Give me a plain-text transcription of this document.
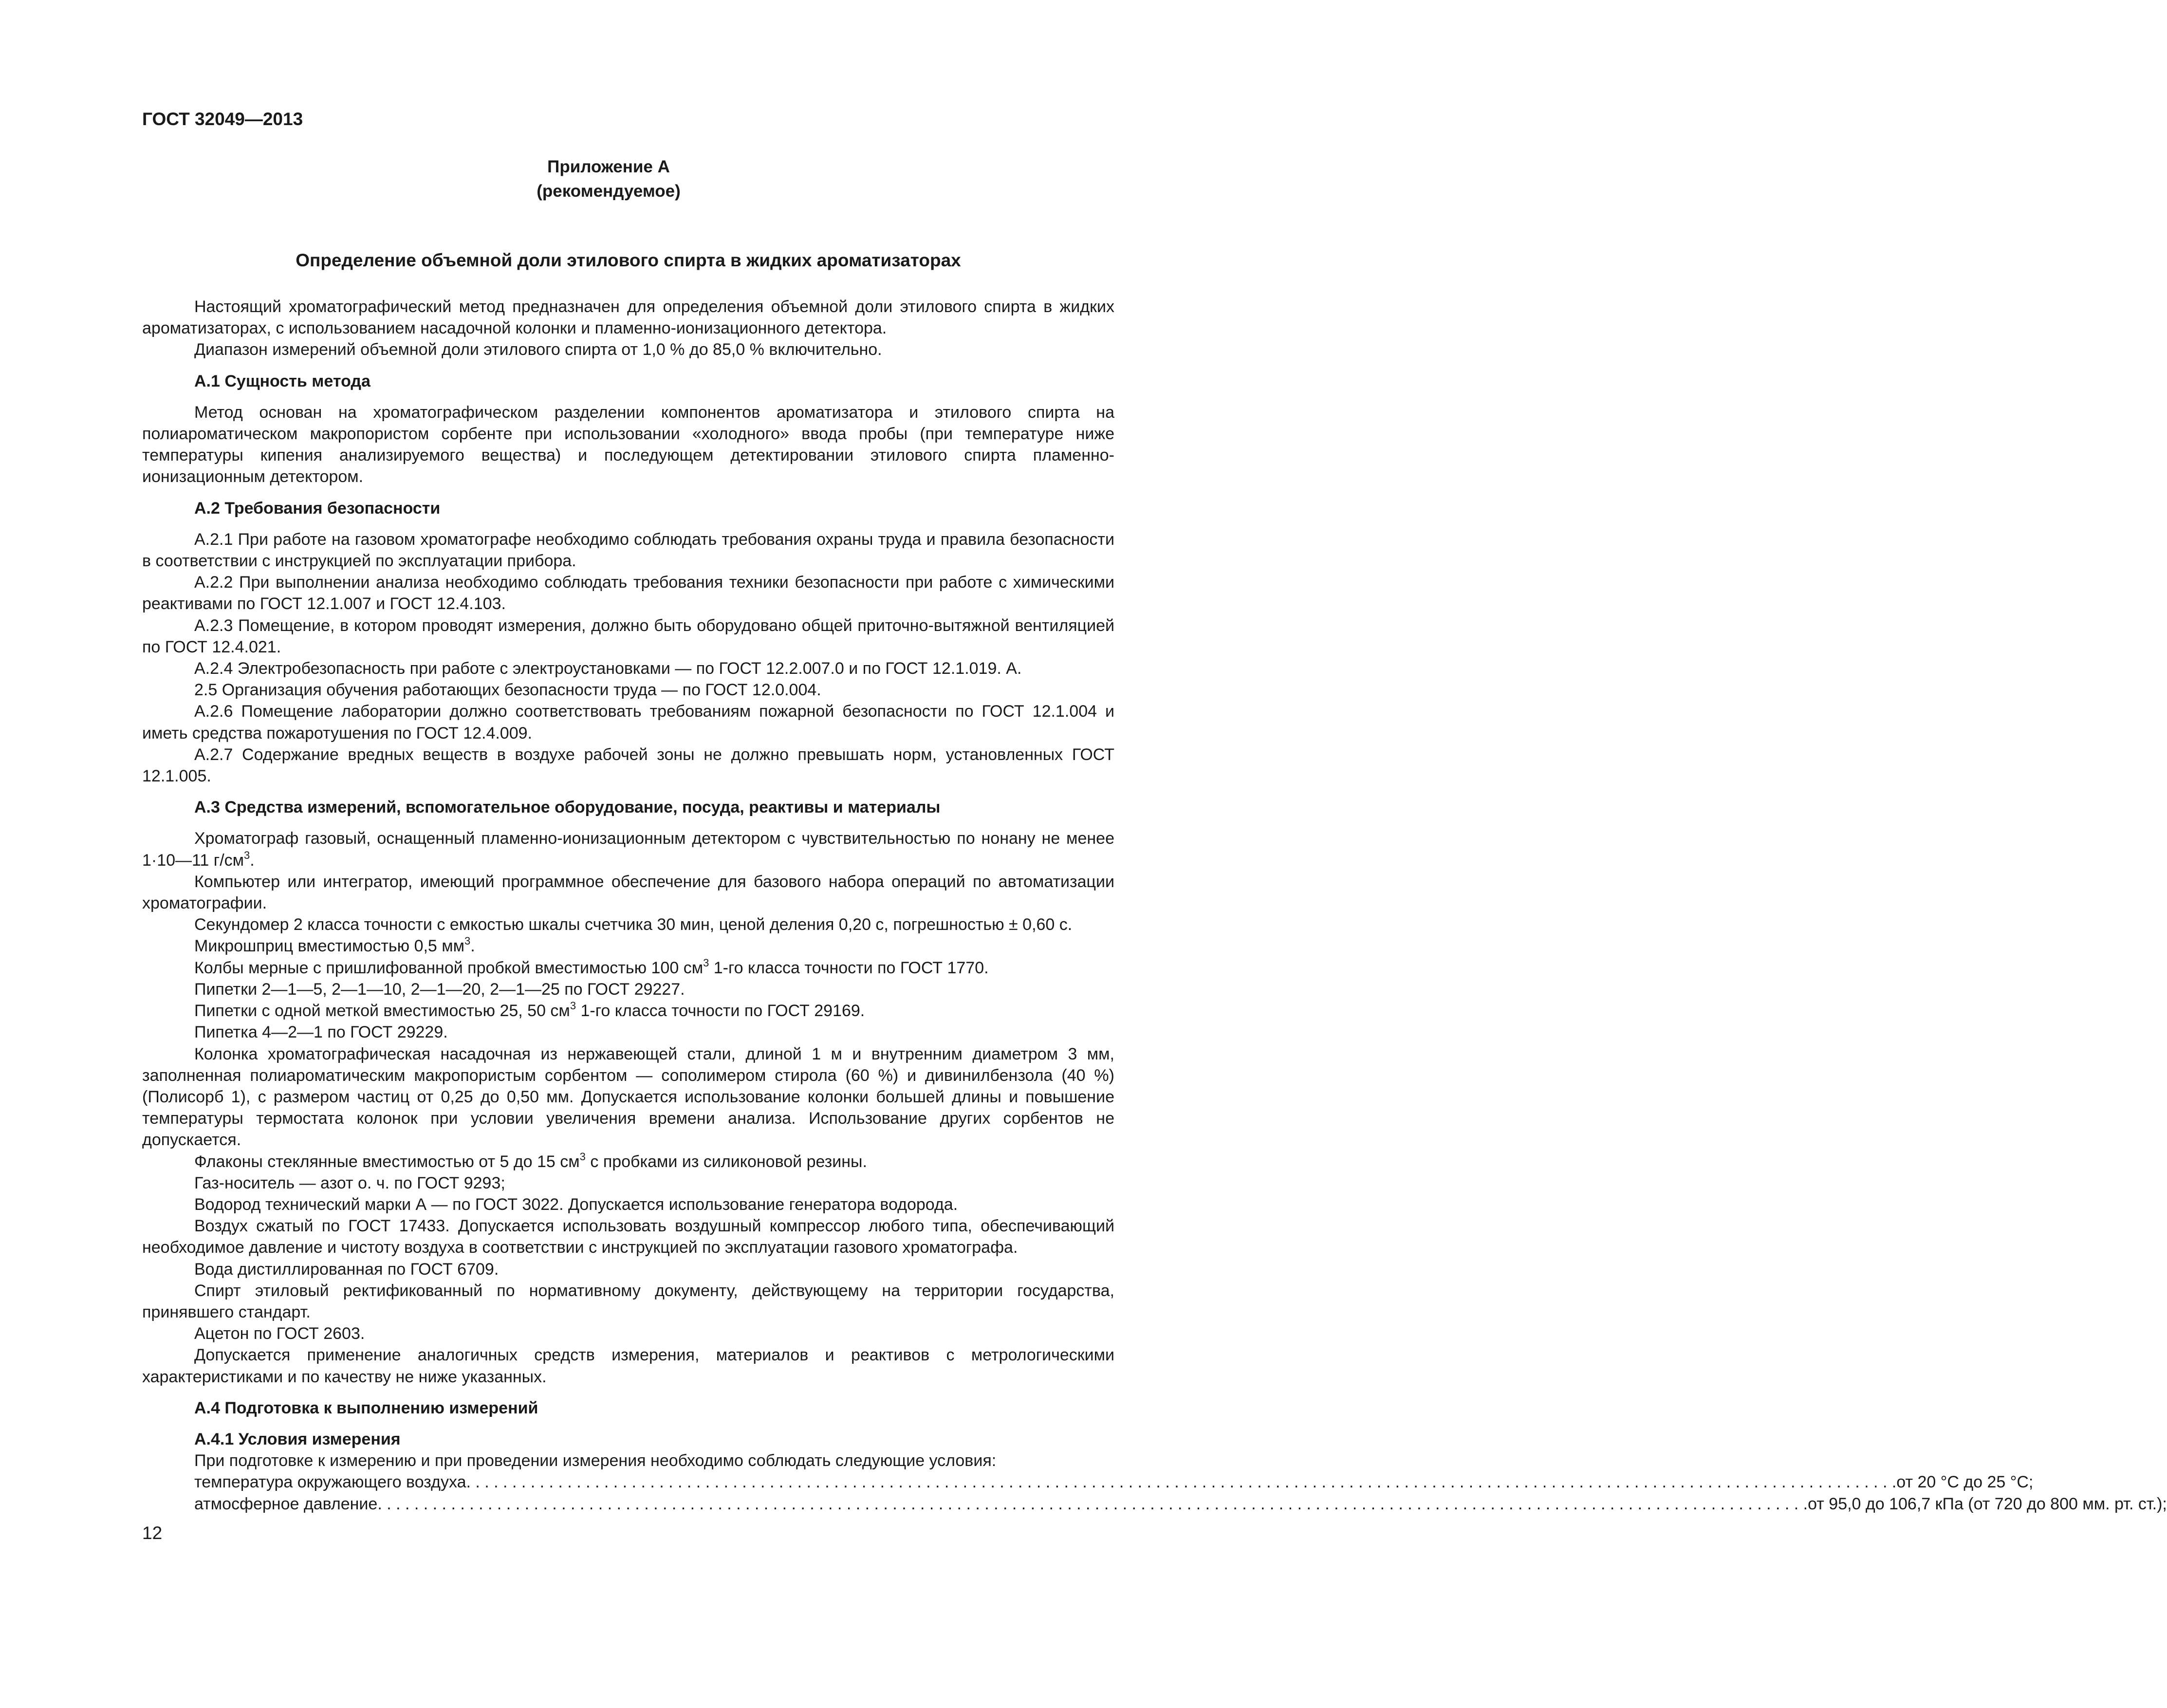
ГОСТ 32049—2013
Приложение А
(рекомендуемое)
Определение объемной доли этилового спирта в жидких ароматизаторах

Настоящий хроматографический метод предназначен для определения объемной доли этилового спирта в жидких ароматизаторах, с использованием насадочной колонки и пламенно-ионизационного детектора.

Диапазон измерений объемной доли этилового спирта от 1,0 % до 85,0 % включительно.

А.1 Сущность метода

Метод основан на хроматографическом разделении компонентов ароматизатора и этилового спирта на полиароматическом макропористом сорбенте при использовании «холодного» ввода пробы (при температуре ниже температуры кипения анализируемого вещества) и последующем детектировании этилового спирта пламенно-ионизационным детектором.

А.2 Требования безопасности

А.2.1 При работе на газовом хроматографе необходимо соблюдать требования охраны труда и правила безопасности в соответствии с инструкцией по эксплуатации прибора.

А.2.2 При выполнении анализа необходимо соблюдать требования техники безопасности при работе с химическими реактивами по ГОСТ 12.1.007 и ГОСТ 12.4.103.

А.2.3 Помещение, в котором проводят измерения, должно быть оборудовано общей приточно-вытяжной вентиляцией по ГОСТ 12.4.021.

А.2.4 Электробезопасность при работе с электроустановками — по ГОСТ 12.2.007.0 и по ГОСТ 12.1.019. А.

2.5 Организация обучения работающих безопасности труда — по ГОСТ 12.0.004.

А.2.6 Помещение лаборатории должно соответствовать требованиям пожарной безопасности по ГОСТ 12.1.004 и иметь средства пожаротушения по ГОСТ 12.4.009.

А.2.7 Содержание вредных веществ в воздухе рабочей зоны не должно превышать норм, установленных ГОСТ 12.1.005.

А.3 Средства измерений, вспомогательное оборудование, посуда, реактивы и материалы

Хроматограф газовый, оснащенный пламенно-ионизационным детектором с чувствительностью по нонану не менее 1·10—11 $г/см^3$.

Компьютер или интегратор, имеющий программное обеспечение для базового набора операций по автоматизации хроматографии.

Секундомер 2 класса точности с емкостью шкалы счетчика 30 мин, ценой деления 0,20 с, погрешностью ± 0,60 с.

Микрошприц вместимостью 0,5 $мм^3$.

Колбы мерные с пришлифованной пробкой вместимостью 100 $см^3$ 1-го класса точности по ГОСТ 1770.

Пипетки 2—1—5, 2—1—10, 2—1—20, 2—1—25 по ГОСТ 29227.

Пипетки с одной меткой вместимостью 25, 50 $см^3$ 1-го класса точности по ГОСТ 29169.

Пипетка 4—2—1 по ГОСТ 29229.

Колонка хроматографическая насадочная из нержавеющей стали, длиной 1 м и внутренним диаметром 3 мм, заполненная полиароматическим макропористым сорбентом — сополимером стирола (60 %) и дивинилбензола (40 %) (Полисорб 1), с размером частиц от 0,25 до 0,50 мм. Допускается использование колонки большей длины и повышение температуры термостата колонок при условии увеличения времени анализа. Использование других сорбентов не допускается.

Флаконы стеклянные вместимостью от 5 до 15 $см^3$ с пробками из силиконовой резины.

Газ-носитель — азот о. ч. по ГОСТ 9293;

Водород технический марки А — по ГОСТ 3022. Допускается использование генератора водорода.

Воздух сжатый по ГОСТ 17433. Допускается использовать воздушный компрессор любого типа, обеспечивающий необходимое давление и чистоту воздуха в соответствии с инструкцией по эксплуатации газового хроматографа.

Вода дистиллированная по ГОСТ 6709.

Спирт этиловый ректификованный по нормативному документу, действующему на территории государства, принявшего стандарт.

Ацетон по ГОСТ 2603.

Допускается применение аналогичных средств измерения, материалов и реактивов с метрологическими характеристиками и по качеству не ниже указанных.

А.4 Подготовка к выполнению измерений
А.4.1 Условия измерения

При подготовке к измерению и при проведении измерения необходимо соблюдать следующие условия:

температура окружающего воздуха . . . . . . . . . . . . . . . . . . . . . . . . . . . . . . . . . . . . . . . . . . . . . . . . . . . . . . . . . . . . . . . . . . . . . . . . . . . . . . . . . . . . . . . . . . . . . . . . . . . . . . . . . . . . . . . . . . . . . . . . . . . . . . . . . . . . . . . . . . . . . . . . . . . . . . . . . . . . от 20 °С до 25 °С;
атмосферное давление . . . . . . . . . . . . . . . . . . . . . . . . . . . . . . . . . . . . . . . . . . . . . . . . . . . . . . . . . . . . . . . . . . . . . . . . . . . . . . . . . . . . . . . . . . . . . . . . . . . . . . . . . . . . . . . . . . . . . . . . . . . . . . . . . . . . . . . . . . . . . . . . . . . . . . . . . . . . от 95,0 до 106,7 кПа (от 720 до 800 мм. рт. ст.);
12
